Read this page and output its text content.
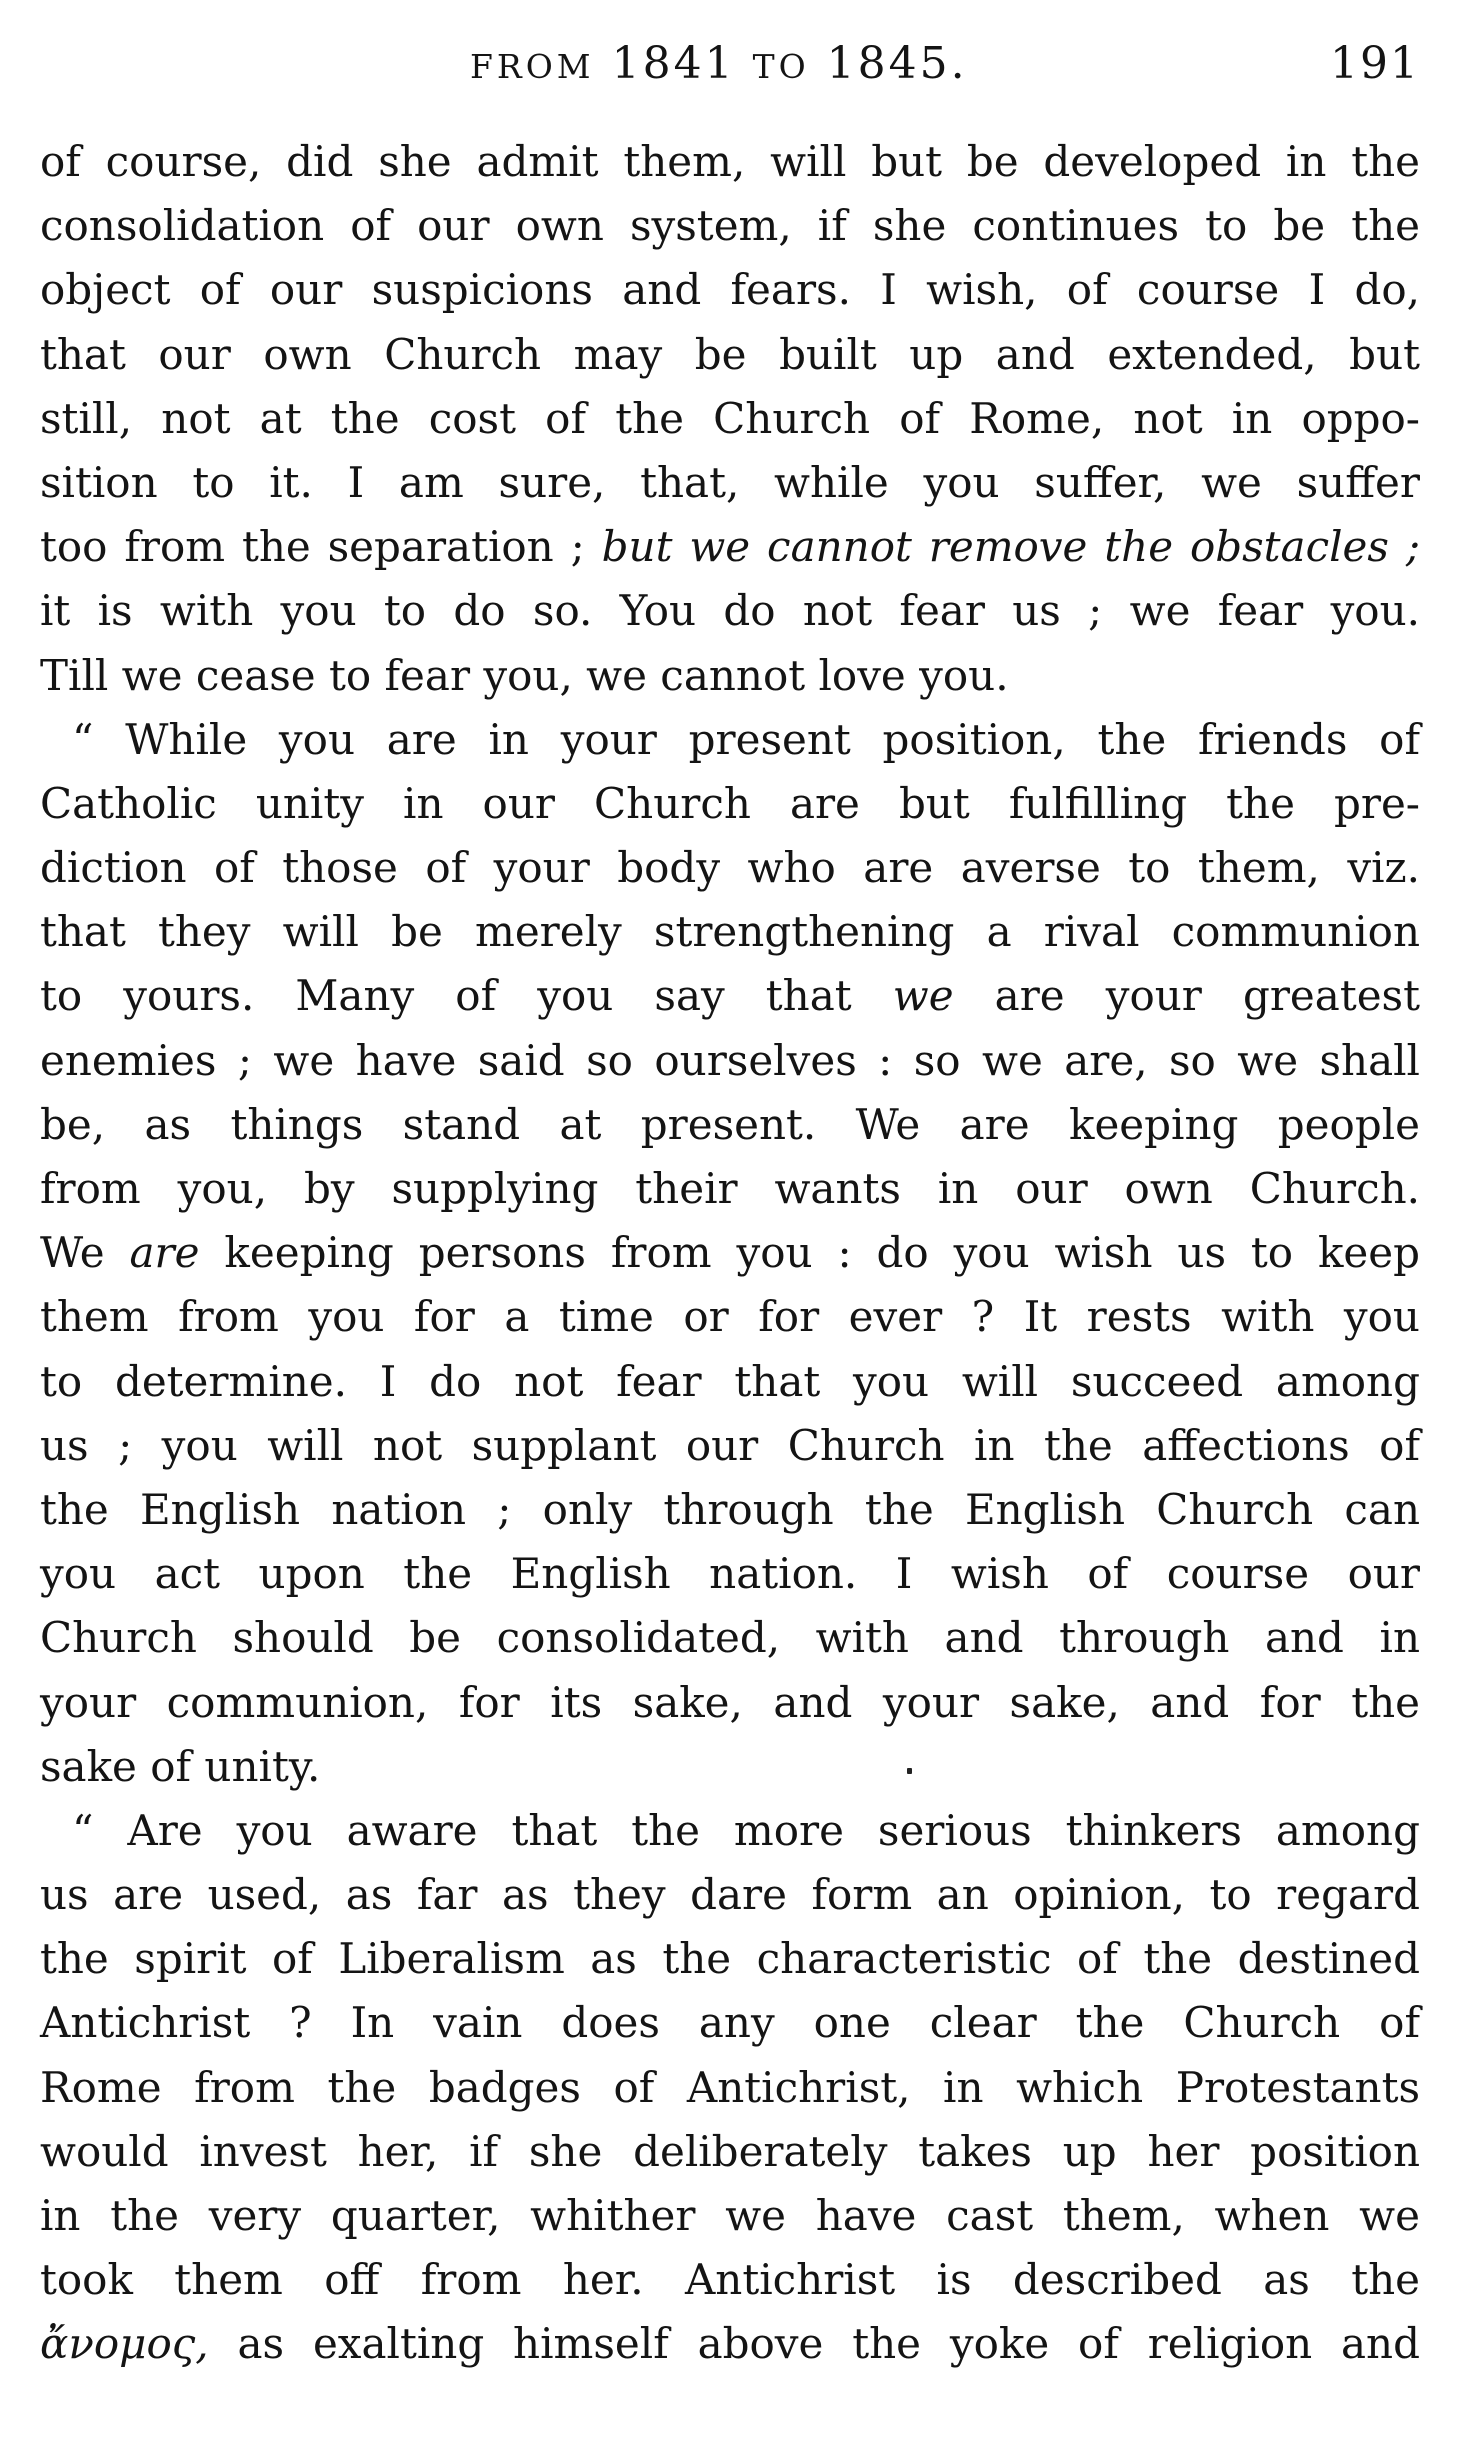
FROM 1841 TO 1845.	191
of course, did she admit them, will but be developed in the
consolidation of our own system, if she continues to be the
object of our suspicions and fears. I wish, of course I do,
that our own Church may be built up and extended, but
still, not at the cost of the Church of Rome, not in oppo-
sition to it. I am sure, that, while you suffer, we suffer
too from the separation ; but we cannot remove the obstacles ;
it is with you to do so. You do not fear us ; we fear you.
Till we cease to fear you, we cannot love you.
“ While you are in your present position, the friends of
Catholic unity in our Church are but fulfilling the pre-
diction of those of your body who are averse to them, viz.
that they will be merely strengthening a rival communion
to yours. Many of you say that we are your greatest
enemies ; we have said so ourselves : so we are, so we shall
be, as things stand at present. We are keeping people
from you, by supplying their wants in our own Church.
We are keeping persons from you : do you wish us to keep
them from you for a time or for ever ? It rests with you
to determine. I do not fear that you will succeed among
us ; you will not supplant our Church in the affections of
the English nation ; only through the English Church can
you act upon the English nation. I wish of course our
Church should be consolidated, with and through and in
your communion, for its sake, and your sake, and for the
sake of unity.
“ Are you aware that the more serious thinkers among
us are used, as far as they dare form an opinion, to regard
the spirit of Liberalism as the characteristic of the destined
Antichrist ? In vain does any one clear the Church of
Rome from the badges of Antichrist, in which Protestants
would invest her, if she deliberately takes up her position
in the very quarter, whither we have cast them, when we
took them off from her. Antichrist is described as the
ἄνομος, as exalting himself above the yoke of religion and
